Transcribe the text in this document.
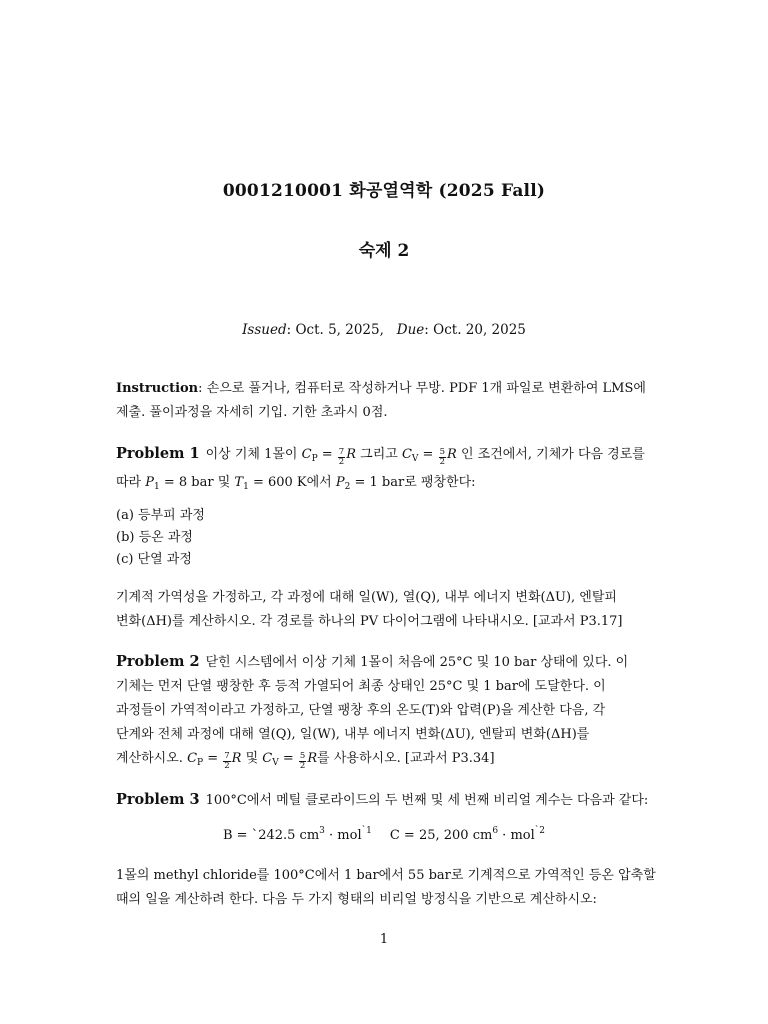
0001210001 화공열역학 (2025 Fall)
숙제 2
Issued: Oct. 5, 2025, Due: Oct. 20, 2025
Instruction: 손으로 풀거나, 컴퓨터로 작성하거나 무방. PDF 1개 파일로 변환하여 LMS에
제출. 풀이과정을 자세히 기입. 기한 초과시 0점.
Problem 1 이상 기체 1몰이 $C_P = \frac{7}{2}$ R 그리고 $C_V = \frac{5}{2}$ R 인 조건에서, 기체가 다음 경로를
따라 $P_1 = 8$ bar 및 $T_1 = 600$ K에서 $P_2 = 1$ bar로 팽창한다:
(a) 등부피 과정
(b) 등온 과정
(c) 단열 과정
기계적 가역성을 가정하고, 각 과정에 대해 일(W), 열(Q), 내부 에너지 변화(ΔU), 엔탈피
변화(ΔH)를 계산하시오. 각 경로를 하나의 PV 다이어그램에 나타내시오. [교과서 P3.17]
Problem 2 닫힌 시스템에서 이상 기체 1몰이 처음에 25°C 및 10 bar 상태에 있다. 이
기체는 먼저 단열 팽창한 후 등적 가열되어 최종 상태인 25°C 및 1 bar에 도달한다. 이
과정들이 가역적이라고 가정하고, 단열 팽창 후의 온도(T)와 압력(P)을 계산한 다음, 각
단계와 전체 과정에 대해 열(Q), 일(W), 내부 에너지 변화(ΔU), 엔탈피 변화(ΔH)를
계산하시오. $C_P = \frac{7}{2}$ R 및 $C_V = \frac{5}{2}$ R를 사용하시오. [교과서 P3.34]
Problem 3 100°C에서 메틸 클로라이드의 두 번째 및 세 번째 비리얼 계수는 다음과 같다:
B = `242.5 $cm^3 \cdot mol^{`1}$ C = 25, 200 $cm^6 \cdot mol^{`2}$
1몰의 methyl chloride를 100°C에서 1 bar에서 55 bar로 기계적으로 가역적인 등온 압축할
때의 일을 계산하려 한다. 다음 두 가지 형태의 비리얼 방정식을 기반으로 계산하시오:
1
